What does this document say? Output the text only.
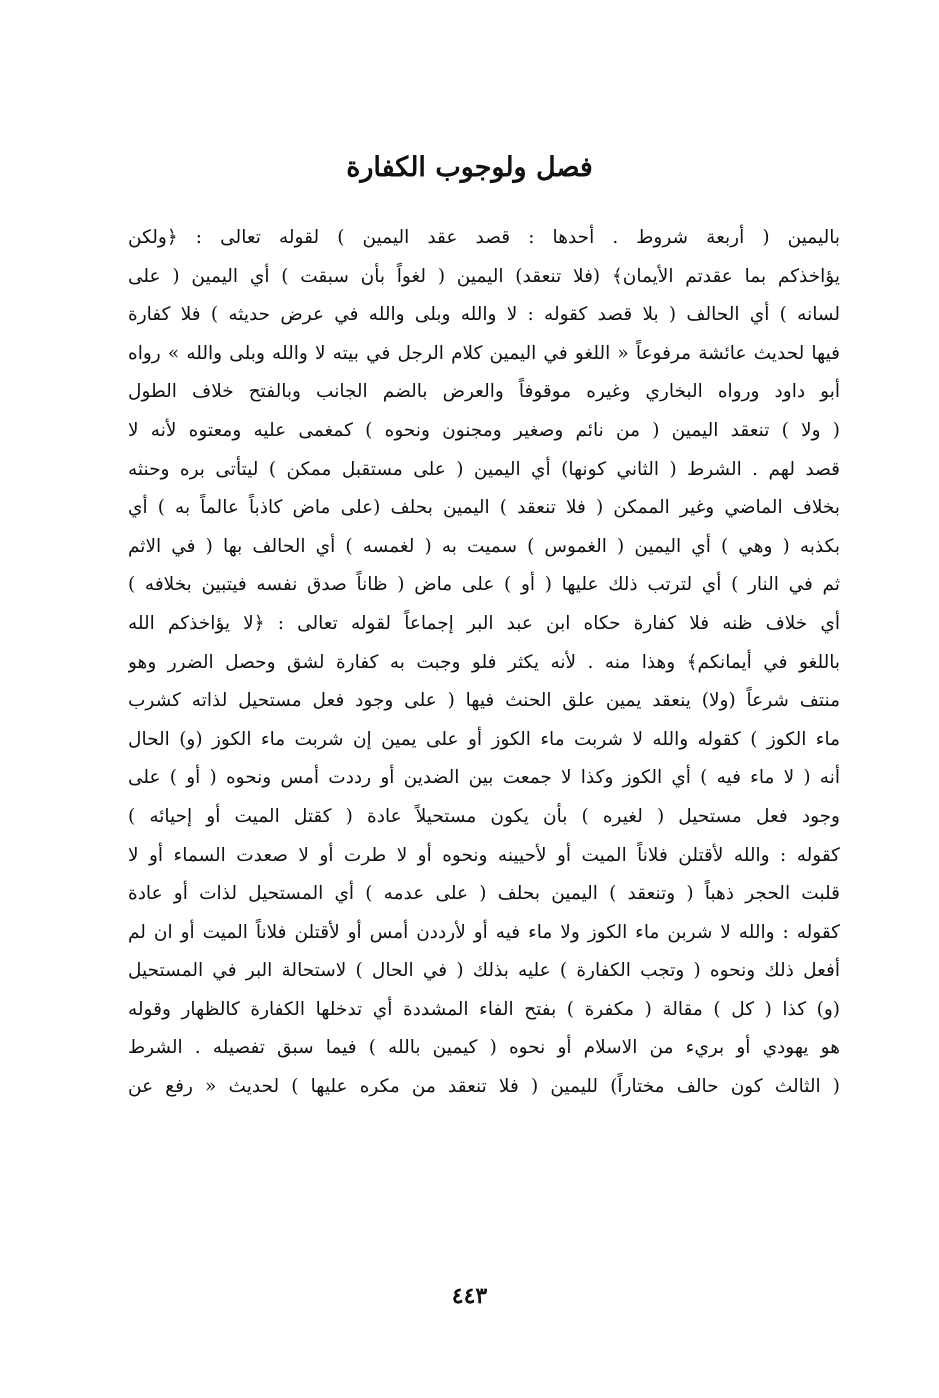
فصل ولوجوب الكفارة
باليمين ( أربعة شروط . أحدها : قصد عقد اليمين ) لقوله تعالى : ﴿ولكن
يؤاخذكم بما عقدتم الأيمان﴾ (فلا تنعقد) اليمين ( لغواً بأن سبقت ) أي اليمين ( على
لسانه ) أي الحالف ( بلا قصد كقوله : لا والله وبلى والله في عرض حديثه ) فلا كفارة
فيها لحديث عائشة مرفوعاً « اللغو في اليمين كلام الرجل في بيته لا والله وبلى والله » رواه
أبو داود ورواه البخاري وغيره موقوفاً والعرض بالضم الجانب وبالفتح خلاف الطول
( ولا ) تنعقد اليمين ( من نائم وصغير ومجنون ونحوه ) كمغمى عليه ومعتوه لأنه لا
قصد لهم . الشرط ( الثاني كونها) أي اليمين ( على مستقبل ممكن ) ليتأتى بره وحنثه
بخلاف الماضي وغير الممكن ( فلا تنعقد ) اليمين بحلف (على ماض كاذباً عالماً به ) أي
بكذبه ( وهي ) أي اليمين ( الغموس ) سميت به ( لغمسه ) أي الحالف بها ( في الاثم
ثم في النار ) أي لترتب ذلك عليها ( أو ) على ماض ( ظاناً صدق نفسه فيتبين بخلافه )
أي خلاف ظنه فلا كفارة حكاه ابن عبد البر إجماعاً لقوله تعالى : ﴿لا يؤاخذكم الله
باللغو في أيمانكم﴾ وهذا منه . لأنه يكثر فلو وجبت به كفارة لشق وحصل الضرر وهو
منتف شرعاً (ولا) ينعقد يمين علق الحنث فيها ( على وجود فعل مستحيل لذاته كشرب
ماء الكوز ) كقوله والله لا شربت ماء الكوز أو على يمين إن شربت ماء الكوز (و) الحال
أنه ( لا ماء فيه ) أي الكوز وكذا لا جمعت بين الضدين أو رددت أمس ونحوه ( أو ) على
وجود فعل مستحيل ( لغيره ) بأن يكون مستحيلاً عادة ( كقتل الميت أو إحيائه )
كقوله : والله لأقتلن فلاناً الميت أو لأحيينه ونحوه أو لا طرت أو لا صعدت السماء أو لا
قلبت الحجر ذهباً ( وتنعقد ) اليمين بحلف ( على عدمه ) أي المستحيل لذات أو عادة
كقوله : والله لا شربن ماء الكوز ولا ماء فيه أو لأرددن أمس أو لأقتلن فلاناً الميت أو ان لم
أفعل ذلك ونحوه ( وتجب الكفارة ) عليه بذلك ( في الحال ) لاستحالة البر في المستحيل
(و) كذا ( كل ) مقالة ( مكفرة ) بفتح الفاء المشددة أي تدخلها الكفارة كالظهار وقوله
هو يهودي أو بريء من الاسلام أو نحوه ( كيمين بالله ) فيما سبق تفصيله . الشرط
( الثالث كون حالف مختاراً) لليمين ( فلا تنعقد من مكره عليها ) لحديث « رفع عن
٤٤٣
